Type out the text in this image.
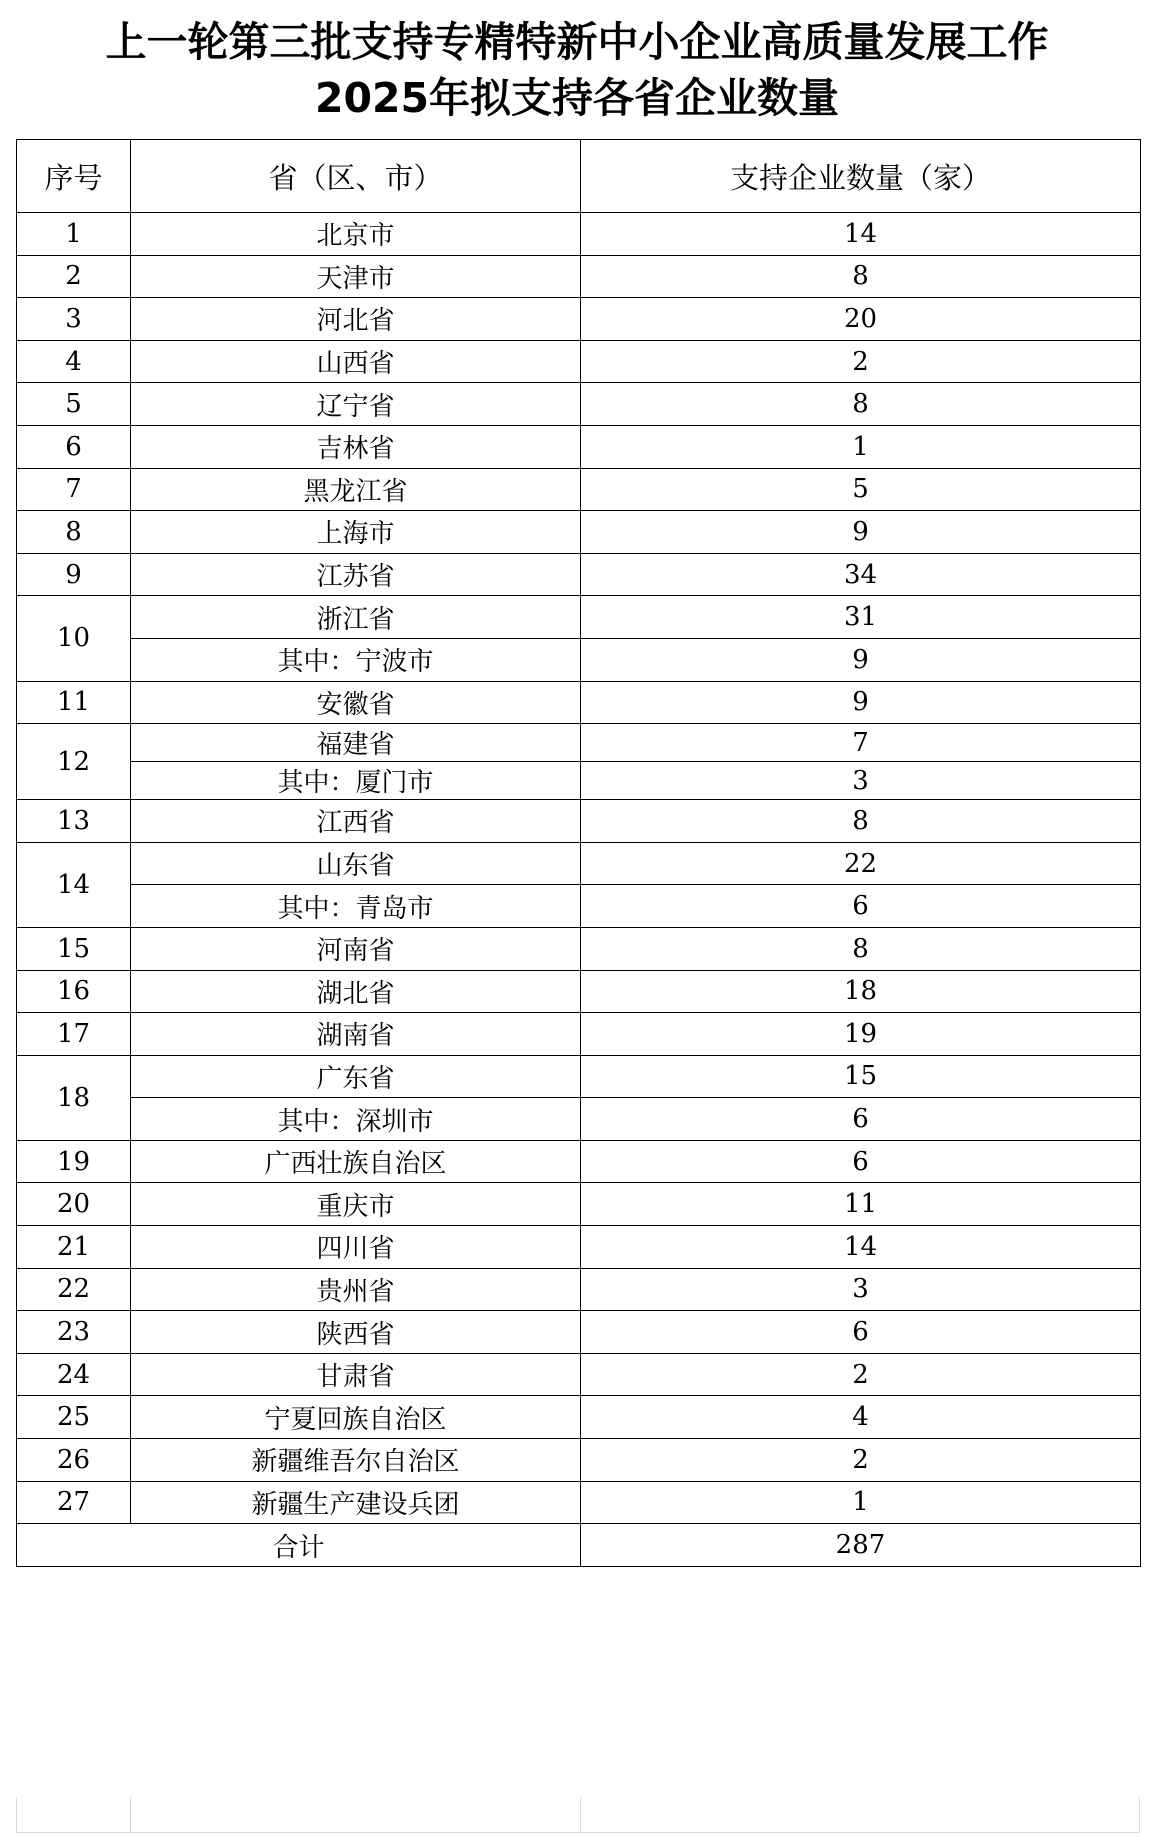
上一轮第三批支持专精特新中小企业高质量发展工作
2025年拟支持各省企业数量
序号	省（区、市）	支持企业数量（家）
1	北京市	14
2	天津市	8
3	河北省	20
4	山西省	2
5	辽宁省	8
6	吉林省	1
7	黑龙江省	5
8	上海市	9
9	江苏省	34
10	浙江省	31
	其中：宁波市	9
11	安徽省	9
12	福建省	7
	其中：厦门市	3
13	江西省	8
14	山东省	22
	其中：青岛市	6
15	河南省	8
16	湖北省	18
17	湖南省	19
18	广东省	15
	其中：深圳市	6
19	广西壮族自治区	6
20	重庆市	11
21	四川省	14
22	贵州省	3
23	陕西省	6
24	甘肃省	2
25	宁夏回族自治区	4
26	新疆维吾尔自治区	2
27	新疆生产建设兵团	1
合计		287
